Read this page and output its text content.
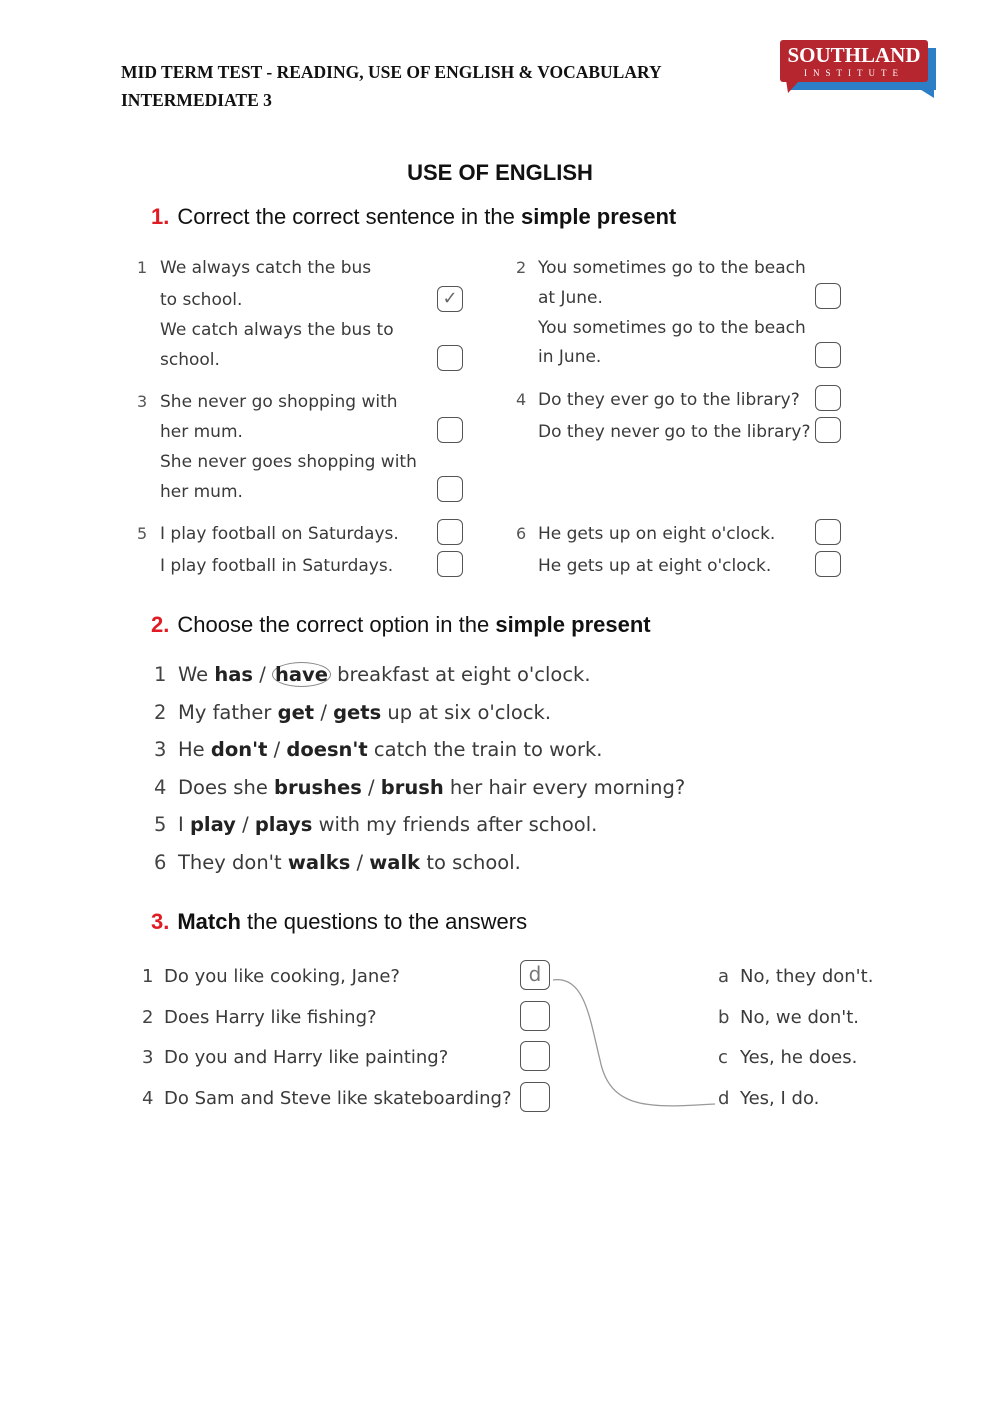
MID TERM TEST - READING, USE OF ENGLISH & VOCABULARY
INTERMEDIATE 3
SOUTHLAND
INSTITUTE
USE OF ENGLISH
1. Correct the correct sentence in the simple present
2. Choose the correct option in the simple present
3. Match the questions to the answers
1 We always catch the bus
to school.	✓
We catch always the bus to
school.
2 You sometimes go to the beach
at June.
You sometimes go to the beach
in June.
3 She never go shopping with
her mum.
She never goes shopping with
her mum.
4 Do they ever go to the library?
Do they never go to the library?
5 I play football on Saturdays.
I play football in Saturdays.
6 He gets up on eight o'clock.
He gets up at eight o'clock.
1 We has / have breakfast at eight o'clock.
2 My father get / gets up at six o'clock.
3 He don't / doesn't catch the train to work.
4 Does she brushes / brush her hair every morning?
5 I play / plays with my friends after school.
6 They don't walks / walk to school.
1 Do you like cooking, Jane?	d
2 Does Harry like fishing?
3 Do you and Harry like painting?
4 Do Sam and Steve like skateboarding?
a No, they don't.
b No, we don't.
c Yes, he does.
d Yes, I do.
